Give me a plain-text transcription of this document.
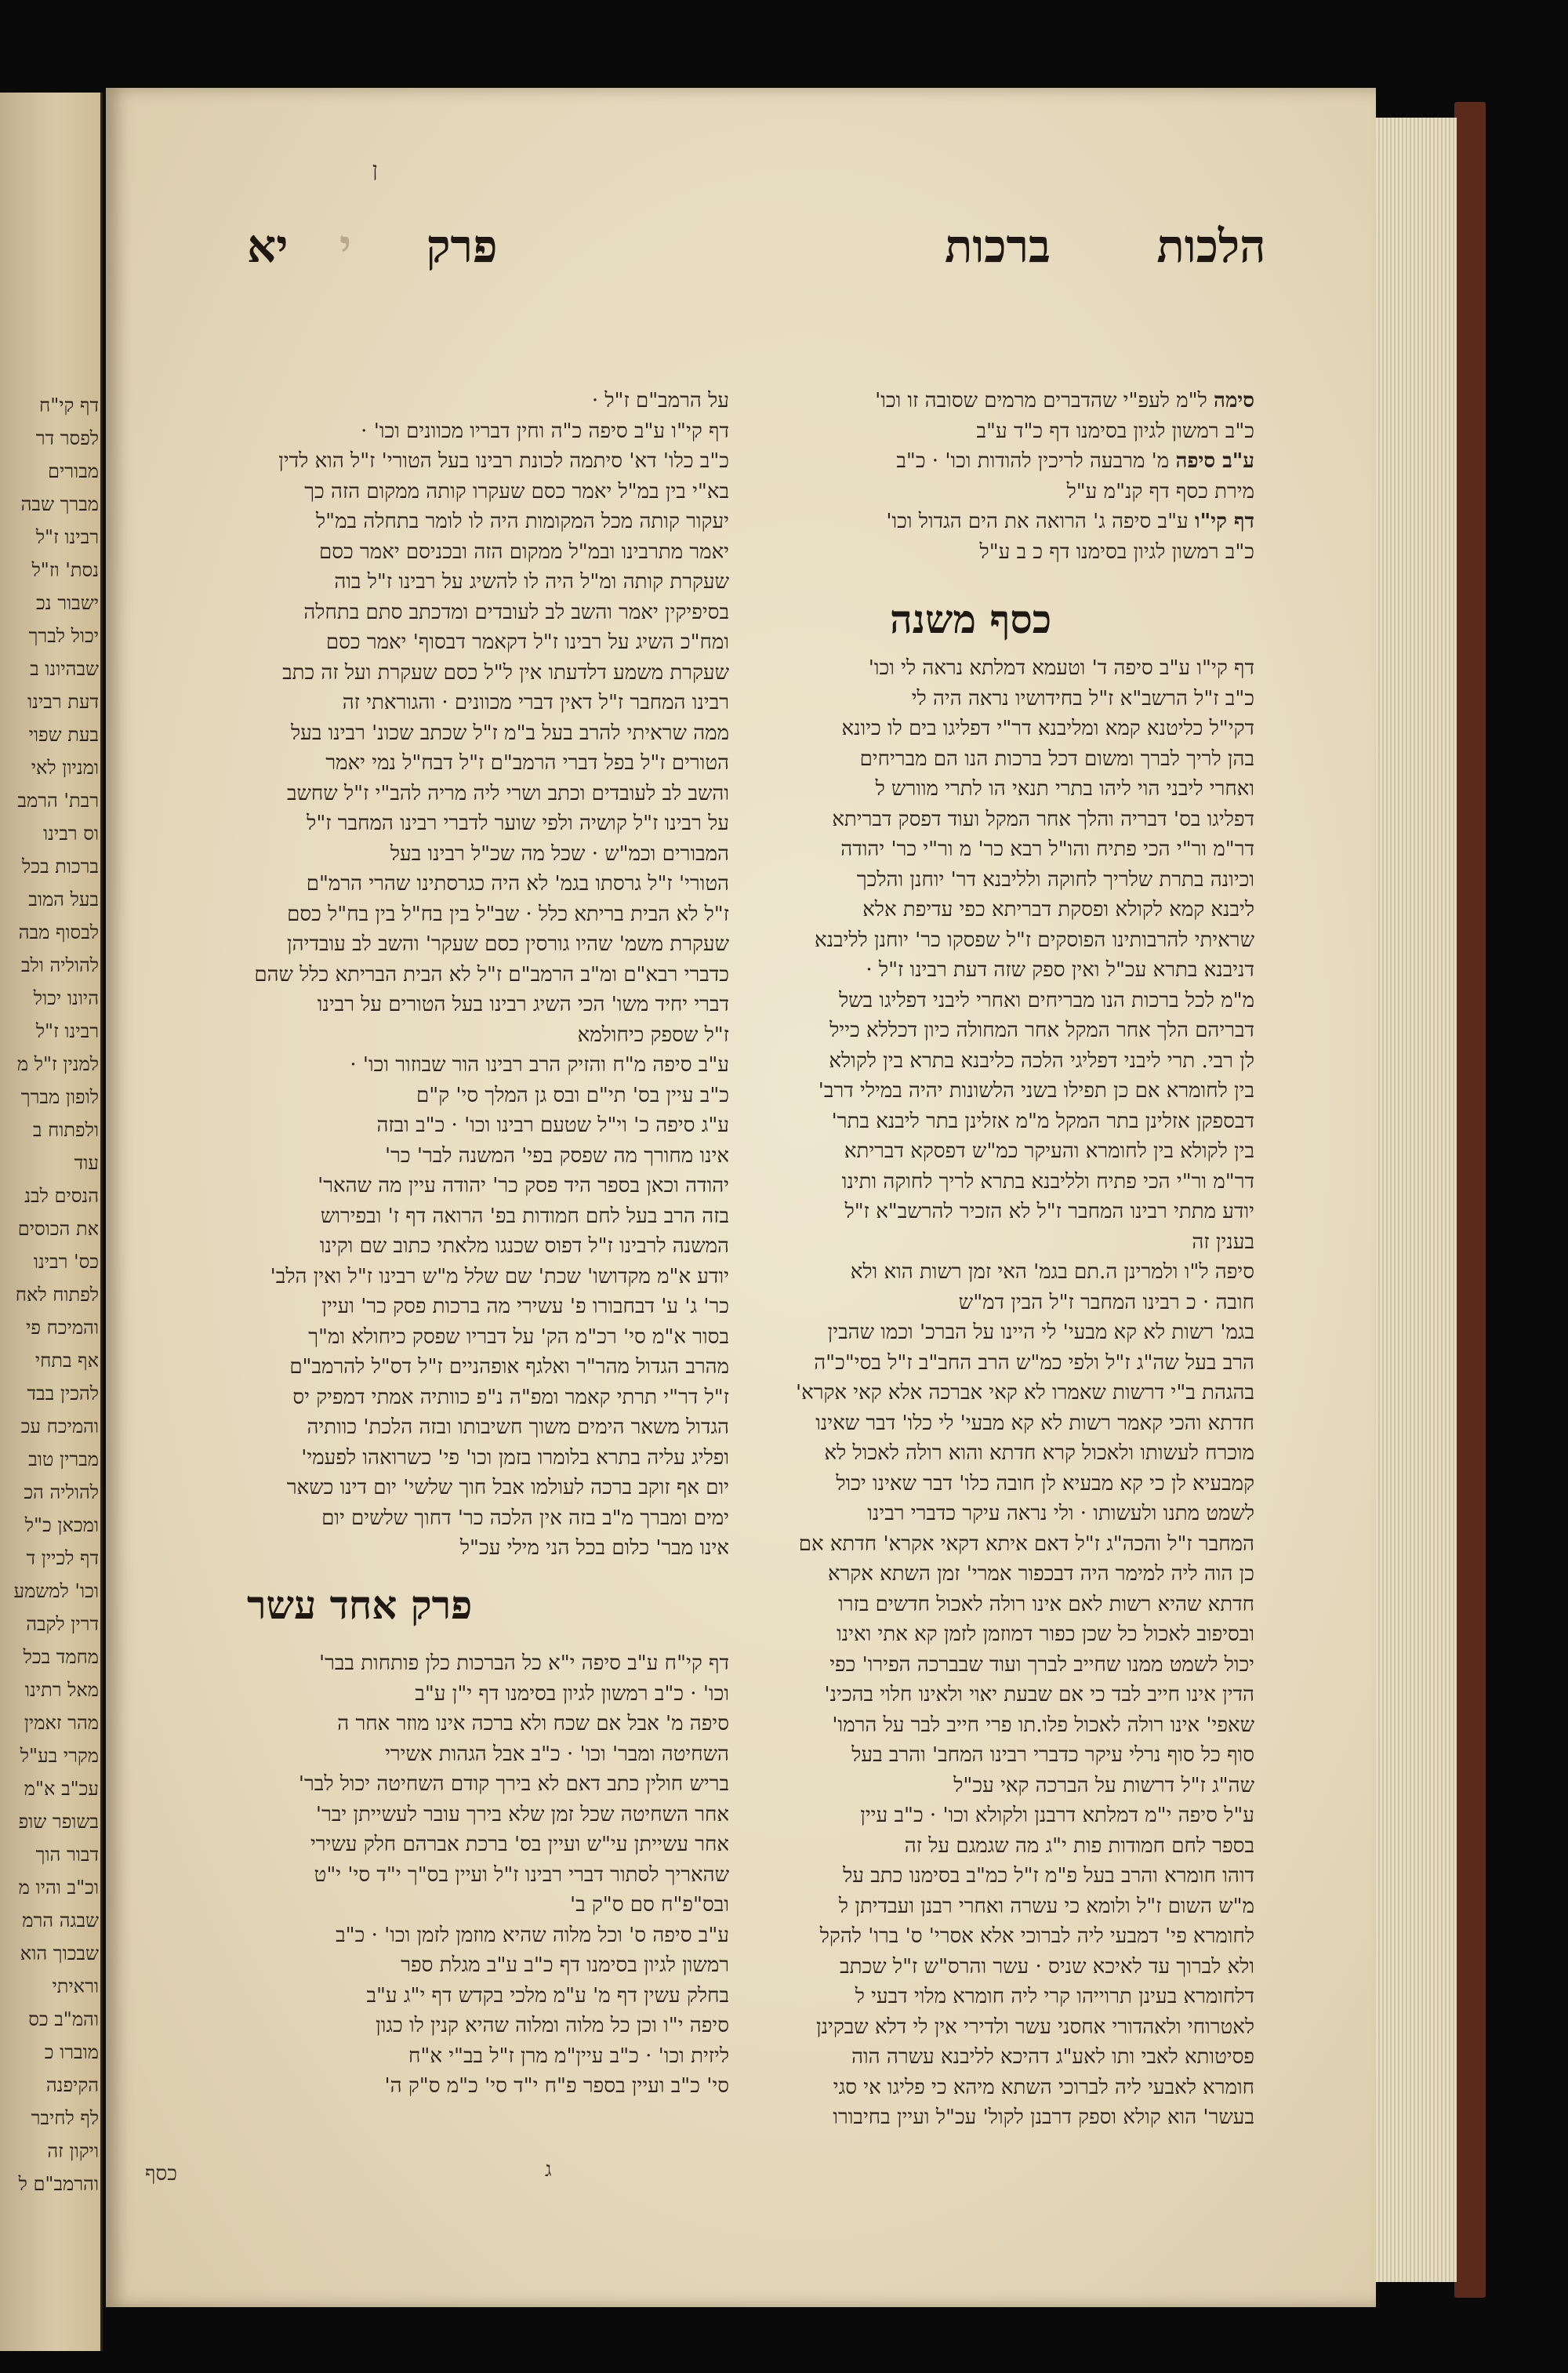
דף קי"ח
לפסר דר
מבורים
מברך שבה
רבינו ז"ל
נסת' וז"ל
ישבור נכ
יכול לברך
שבהיונו ב
דעת רבינו
בעת שפוי
ומניון לאי
רבת' הרמב
וס רבינו
ברכות בכל
בעל המוב
לבסוף מבה
להוליה ולב
היונו יכול
רבינו ז"ל
למנין ז"ל מ
לופון מברך
ולפתוח ב
עוד
הנסים לבנ
את הכוסים
כס' רבינו
לפתוח לאח
והמיכח פי
אף בתחי
להכין בבד
והמיכח עכ
מברין טוב
להוליה הכ
ומכאן כ"ל
דף לכיין ד
וכו' למשמע
דרין לקבה
מחמד בכל
מאל רתינו
מהר זאמין
מקרי בע"ל
עכ"ב א"מ
בשופר שופ
דבור הוך
וכ"ב והיו מ
שבגה הרמ
שבכוך הוא
וראיתי
והמ"ב כס
מוברו כ
הקיפנה
לף לחיבר
ויקון זה
והרמב"ם ל
הלכות  ברכות
פרק  י  יא
סימה ל"מ לעפ"י שהדברים מרמים שסובה זו וכו'
כ"ב רמשון לגיון בסימנו דף כ"ד ע"ב
ע"ב סיפה מ' מרבעה לריכין להודות וכו' · כ"ב
מירת כסף דף קנ"מ ע"ל
דף קי"ו ע"ב סיפה ג' הרואה את הים הגדול וכו'
כ"ב רמשון לגיון בסימנו דף כ ב ע"ל
דף קי"ו ע"ב סיפה ד' וטעמא דמלתא נראה לי וכו'
כ"ב ז"ל הרשב"א ז"ל בחידושיו נראה היה לי
דקי"ל כליטנא קמא ומליבנא דר"י דפליגו בים לו כיונא
בהן לריך לברך ומשום דכל ברכות הנו הם מבריחים
ואחרי ליבני הוי ליהו בתרי תנאי הו לתרי מוורש ל
דפליגו בס' דבריה והלך אחר המקל ועוד דפסק דבריתא
דר"מ ור"י הכי פתיח והו"ל רבא כר' מ ור"י כר' יהודה
וכיונה בתרת שלריך לחוקה ולליבנא דר' יוחנן והלכך
ליבנא קמא לקולא ופסקת דבריתא כפי עדיפת אלא
שראיתי להרבותינו הפוסקים ז"ל שפסקו כר' יוחנן לליבנא
דניבנא בתרא עכ"ל ואין ספק שזה דעת רבינו ז"ל ·
מ"מ לכל ברכות הנו מבריחים ואחרי ליבני דפליגו בשל
דבריהם הלך אחר המקל אחר המחולה כיון דכללא כייל
לן רבי. תרי ליבני דפליגי הלכה כליבנא בתרא בין לקולא
בין לחומרא אם כן תפילו בשני הלשונות יהיה במילי דרב'
דבספקן אזלינן בתר המקל מ"מ אזלינן בתר ליבנא בתר'
בין לקולא בין לחומרא והעיקר כמ"ש דפסקא דבריתא
דר"מ ור"י הכי פתיח ולליבנא בתרא לריך לחוקה ותינו
יודע מתתי רבינו המחבר ז"ל לא הזכיר להרשב"א ז"ל
בענין זה
סיפה ל"ו ולמרינן ה.תם בגמ' האי זמן רשות הוא ולא
חובה · כ רבינו המחבר ז"ל הבין דמ"ש
בגמ' רשות לא קא מבעי' לי היינו על הברכ' וכמו שהבין
הרב בעל שה"ג ז"ל ולפי כמ"ש הרב החב"ב ז"ל בסי"כ"ה
בהגהת ב"י דרשות שאמרו לא קאי אברכה אלא קאי אקרא'
חדתא והכי קאמר רשות לא קא מבעי' לי כלו' דבר שאינו
מוכרח לעשותו ולאכול קרא חדתא והוא רולה לאכול לא
קמבעיא לן כי קא מבעיא לן חובה כלו' דבר שאינו יכול
לשמט מתנו ולעשותו · ולי נראה עיקר כדברי רבינו
המחבר ז"ל והכה"ג ז"ל דאם איתא דקאי אקרא' חדתא אם
כן הוה ליה למימר היה דבכפור אמרי' זמן השתא אקרא
חדתא שהיא רשות לאם אינו רולה לאכול חדשים בזרו
ובסיפוב לאכול כל שכן כפור דמוזמן לזמן קא אתי ואינו
יכול לשמט ממנו שחייב לברך ועוד שבברכה הפירו' כפי
הדין אינו חייב לבד כי אם שבעת יאוי ולאינו חלוי בהכינ'
שאפי' אינו רולה לאכול פלו.תו פרי חייב לבר על הרמו'
סוף כל סוף נרלי עיקר כדברי רבינו המחב' והרב בעל
שה"ג ז"ל דרשות על הברכה קאי עכ"ל
ע"ל סיפה י"מ דמלתא דרבנן ולקולא וכו' · כ"ב עיין
בספר לחם חמודות פות י"ג מה שגמגם על זה
דוהו חומרא והרב בעל פ"מ ז"ל כמ"ב בסימנו כתב על
מ"ש השום ז"ל ולומא כי עשרה ואחרי רבנן ועבדיתן ל
לחומרא פי' דמבעי ליה לברוכי אלא אסרי' ס' ברו' להקל
ולא לברוך עד לאיכא שניס · עשר והרס"ש ז"ל שכתב
דלחומרא בעינן תרוייהו קרי ליה חומרא מלוי דבעי ל
לאטרוחי ולאהדורי אחסני עשר ולדירי אין לי דלא שבקינן
פסיטותא לאבי ותו לאע"ג דהיכא לליבנא עשרה הוה
חומרא לאבעי ליה לברוכי השתא מיהא כי פליגו אי סגי
בעשר' הוא קולא וספק דרבנן לקול' עכ"ל ועיין בחיבורו
כסף משנה
על הרמב"ם ז"ל ·
דף קי"ו ע"ב סיפה כ"ה וחין דבריו מכוונים וכו' ·
כ"ב כלו' דא' סיתמה לכונת רבינו בעל הטורי' ז"ל הוא לדין
בא"י בין במ"ל יאמר כסם שעקרו קותה ממקום הזה כך
יעקור קותה מכל המקומות היה לו לומר בתחלה במ"ל
יאמר מתרבינו ובמ"ל ממקום הזה ובכניסם יאמר כסם
שעקרת קותה ומ"ל היה לו להשיג על רבינו ז"ל בוה
בסיפיקין יאמר והשב לב לעובדים ומדכתב סתם בתחלה
ומח"כ השיג על רבינו ז"ל דקאמר דבסוף' יאמר כסם
שעקרת משמע דלדעתו אין ל"ל כסם שעקרת ועל זה כתב
רבינו המחבר ז"ל דאין דברי מכוונים · והגוראתי זה
ממה שראיתי להרב בעל ב"מ ז"ל שכתב שכונ' רבינו בעל
הטורים ז"ל בפל דברי הרמב"ם ז"ל דבח"ל נמי יאמר
והשב לב לעובדים וכתב ושרי ליה מריה להב"י ז"ל שחשב
על רבינו ז"ל קושיה ולפי שוער לדברי רבינו המחבר ז"ל
המבורים וכמ"ש · שכל מה שכ"ל רבינו בעל
הטורי' ז"ל גרסתו בגמ' לא היה כגרסתינו שהרי הרמ"ם
ז"ל לא הבית בריתא כלל · שב"ל בין בח"ל בין בח"ל כסם
שעקרת משמ' שהיו גורסין כסם שעקר' והשב לב עובדיהן
כדברי רבא"ם ומ"ב הרמב"ם ז"ל לא הבית הבריתא כלל שהם
דברי יחיד משו' הכי השיג רבינו בעל הטורים על רבינו
ז"ל שספק כיחולמא
ע"ב סיפה מ"ח והזיק הרב רבינו הור שבוזור וכו' ·
כ"ב עיין בס' תי"ם ובס גן המלך סי' ק"ם
ע"ג סיפה כ' וי"ל שטעם רבינו וכו' · כ"ב ובזה
אינו מחורך מה שפסק בפי' המשנה לבר' כר'
יהודה וכאן בספר היד פסק כר' יהודה עיין מה שהאר'
בזה הרב בעל לחם חמודות בפ' הרואה דף ז' ובפירוש
המשנה לרבינו ז"ל דפוס שכנגו מלאתי כתוב שם וקינו
יודע א"מ מקדושו' שכת' שם שלל מ"ש רבינו ז"ל ואין הלב'
כר' ג' ע' דבחבורו פ' עשירי מה ברכות פסק כר' ועיין
בסור א"מ סי' רכ"מ הק' על דבריו שפסק כיחולא ומ"ך
מהרב הגדול מהר"ר ואלגף אופהניים ז"ל דס"ל להרמב"ם
ז"ל דר"י תרתי קאמר ומפ"ה נ"פ כוותיה אמתי דמפיק יס
הגדול משאר הימים משוך חשיבותו ובזה הלכת' כוותיה
ופליג עליה בתרא בלומרו בזמן וכו' פי' כשרואהו לפעמי'
יום אף זוקב ברכה לעולמו אבל חוך שלשי' יום דינו כשאר
ימים ומברך מ"ב בזה אין הלכה כר' דחוך שלשים יום
אינו מבר' כלום בכל הני מילי עכ"ל
פרק אחד עשר
דף קי"ח ע"ב סיפה י"א כל הברכות כלן פותחות בבר'
וכו' · כ"ב רמשון לגיון בסימנו דף י"ן ע"ב
סיפה מ' אבל אם שכח ולא ברכה אינו מוזר אחר ה
השחיטה ומבר' וכו' · כ"ב אבל הגהות אשירי
בריש חולין כתב דאם לא בירך קודם השחיטה יכול לבר'
אחר השחיטה שכל זמן שלא בירך עובר לעשייתן יבר'
אחר עשייתן עי"ש ועיין בס' ברכת אברהם חלק עשירי
שהאריך לסתור דברי רבינו ז"ל ועיין בס"ך י"ד סי' י"ט
ובס"פ"ח סם ס"ק ב'
ע"ב סיפה ס' וכל מלוה שהיא מוזמן לזמן וכו' · כ"ב
רמשון לגיון בסימנו דף כ"ב ע"ב מגלת ספר
בחלק עשין דף מ' ע"מ מלכי בקדש דף י"ג ע"ב
סיפה י"ו וכן כל מלוה ומלוה שהיא קנין לו כגון
ליזית וכו' · כ"ב עיין"מ מרן ז"ל בב"י א"ח
סי' כ"ב ועיין בספר פ"ח י"ד סי' כ"מ ס"ק ה'
כסף	ג
ן
